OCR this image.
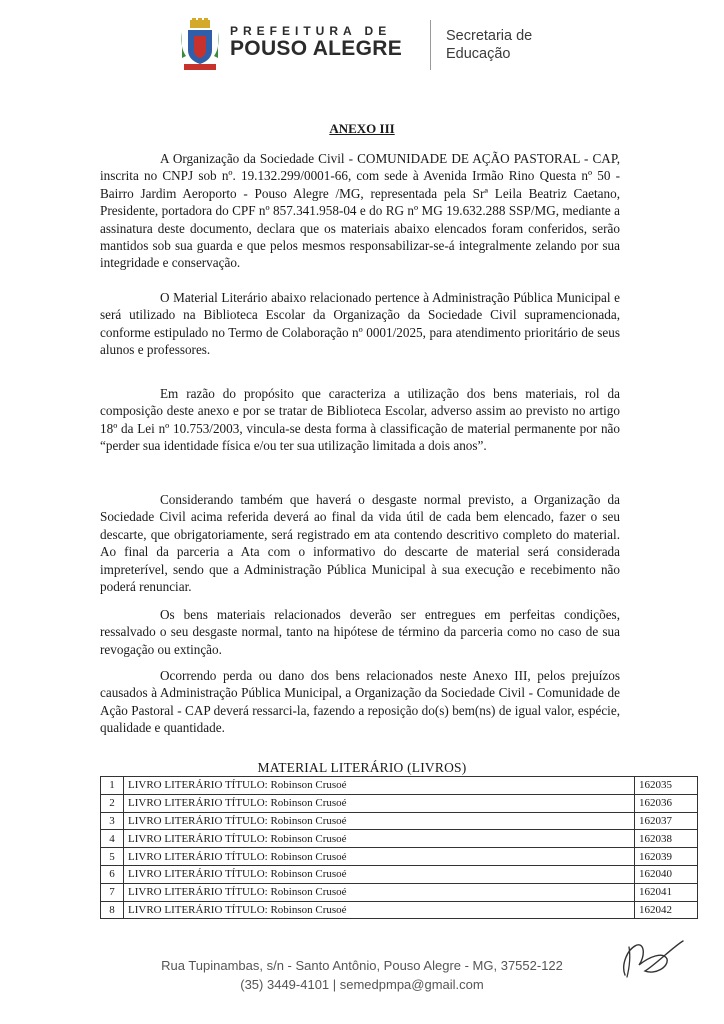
PREFEITURA DE
POUSO ALEGRE
Secretaria de
Educação
ANEXO III

A Organização da Sociedade Civil - COMUNIDADE DE AÇÃO PASTORAL - CAP, inscrita no CNPJ sob nº. 19.132.299/0001-66, com sede à Avenida Irmão Rino Questa nº 50 - Bairro Jardim Aeroporto - Pouso Alegre /MG, representada pela Srª Leila Beatriz Caetano, Presidente, portadora do CPF nº 857.341.958-04 e do RG nº MG 19.632.288 SSP/MG, mediante a assinatura deste documento, declara que os materiais abaixo elencados foram conferidos, serão mantidos sob sua guarda e que pelos mesmos responsabilizar-se-á integralmente zelando por sua integridade e conservação.

O Material Literário abaixo relacionado pertence à Administração Pública Municipal e será utilizado na Biblioteca Escolar da Organização da Sociedade Civil supramencionada, conforme estipulado no Termo de Colaboração nº 0001/2025, para atendimento prioritário de seus alunos e professores.

Em razão do propósito que caracteriza a utilização dos bens materiais, rol da composição deste anexo e por se tratar de Biblioteca Escolar, adverso assim ao previsto no artigo 18º da Lei nº 10.753/2003, vincula-se desta forma à classificação de material permanente por não “perder sua identidade física e/ou ter sua utilização limitada a dois anos”.

Considerando também que haverá o desgaste normal previsto, a Organização da Sociedade Civil acima referida deverá ao final da vida útil de cada bem elencado, fazer o seu descarte, que obrigatoriamente, será registrado em ata contendo descritivo completo do material. Ao final da parceria a Ata com o informativo do descarte de material será considerada impreterível, sendo que a Administração Pública Municipal à sua execução e recebimento não poderá renunciar.

Os bens materiais relacionados deverão ser entregues em perfeitas condições, ressalvado o seu desgaste normal, tanto na hipótese de término da parceria como no caso de sua revogação ou extinção.

Ocorrendo perda ou dano dos bens relacionados neste Anexo III, pelos prejuízos causados à Administração Pública Municipal, a Organização da Sociedade Civil - Comunidade de Ação Pastoral - CAP deverá ressarci-la, fazendo a reposição do(s) bem(ns) de igual valor, espécie, qualidade e quantidade.

MATERIAL LITERÁRIO (LIVROS)
1	LIVRO LITERÁRIO TÍTULO: Robinson Crusoé	162035
2	LIVRO LITERÁRIO TÍTULO: Robinson Crusoé	162036
3	LIVRO LITERÁRIO TÍTULO: Robinson Crusoé	162037
4	LIVRO LITERÁRIO TÍTULO: Robinson Crusoé	162038
5	LIVRO LITERÁRIO TÍTULO: Robinson Crusoé	162039
6	LIVRO LITERÁRIO TÍTULO: Robinson Crusoé	162040
7	LIVRO LITERÁRIO TÍTULO: Robinson Crusoé	162041
8	LIVRO LITERÁRIO TÍTULO: Robinson Crusoé	162042
Rua Tupinambas, s/n - Santo Antônio, Pouso Alegre - MG, 37552-122
(35) 3449-4101 | semedpmpa@gmail.com
